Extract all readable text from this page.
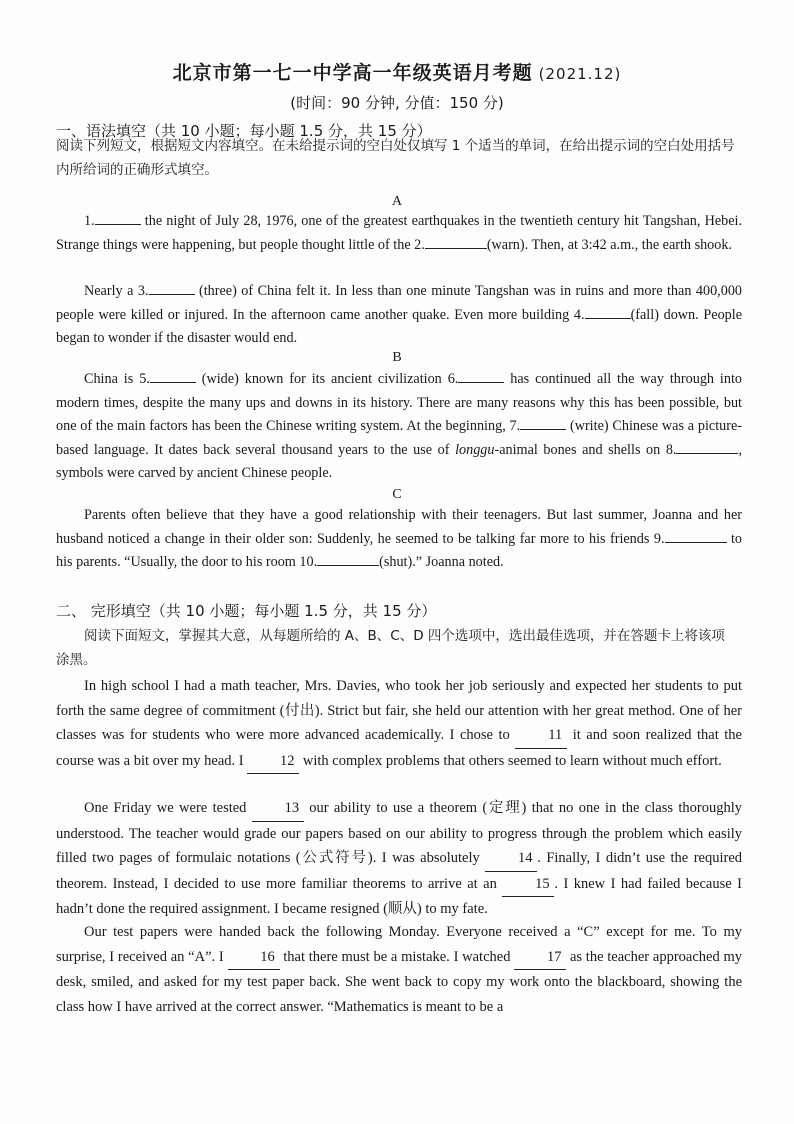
北京市第一七一中学高一年级英语月考题 (2021.12)
(时间：90 分钟, 分值：150 分)
一、语法填空（共 10 小题；每小题 1.5 分，共 15 分）
阅读下列短文，根据短文内容填空。在未给提示词的空白处仅填写 1 个适当的单词，在给出提示词的空白处用括号内所给词的正确形式填空。
A
1.	the night of July 28, 1976, one of the greatest earthquakes in the twentieth century hit Tangshan, Hebei. Strange things were happening, but people thought little of the 2.	(warn). Then, at 3:42 a.m., the earth shook.
Nearly a 3.	(three) of China felt it. In less than one minute Tangshan was in ruins and more than 400,000 people were killed or injured. In the afternoon came another quake. Even more building 4.	(fall) down. People began to wonder if the disaster would end.
B
China is 5.	(wide) known for its ancient civilization 6.	has continued all the way through into modern times, despite the many ups and downs in its history. There are many reasons why this has been possible, but one of the main factors has been the Chinese writing system. At the beginning, 7.	(write) Chinese was a picture-based language. It dates back several thousand years to the use of longgu-animal bones and shells on 8.	, symbols were carved by ancient Chinese people.
C
Parents often believe that they have a good relationship with their teenagers. But last summer, Joanna and her husband noticed a change in their older son: Suddenly, he seemed to be talking far more to his friends 9.	to his parents. “Usually, the door to his room 10.	(shut).” Joanna noted.
二、 完形填空（共 10 小题；每小题 1.5 分，共 15 分）
阅读下面短文，掌握其大意，从每题所给的 A、B、C、D 四个选项中，选出最佳选项，并在答题卡上将该项涂黑。
In high school I had a math teacher, Mrs. Davies, who took her job seriously and expected her students to put forth the same degree of commitment (付出). Strict but fair, she held our attention with her great method. One of her classes was for students who were more advanced academically. I chose to 11 it and soon realized that the course was a bit over my head. I 12 with complex problems that others seemed to learn without much effort.
One Friday we were tested 13 our ability to use a theorem (定理) that no one in the class thoroughly understood. The teacher would grade our papers based on our ability to progress through the problem which easily filled two pages of formulaic notations (公式符号). I was absolutely 14 . Finally, I didn’t use the required theorem. Instead, I decided to use more familiar theorems to arrive at an 15 . I knew I had failed because I hadn’t done the required assignment. I became resigned (顺从) to my fate.
Our test papers were handed back the following Monday. Everyone received a “C” except for me. To my surprise, I received an “A”. I 16 that there must be a mistake. I watched 17 as the teacher approached my desk, smiled, and asked for my test paper back. She went back to copy my work onto the blackboard, showing the class how I have arrived at the correct answer. “Mathematics is meant to be a
